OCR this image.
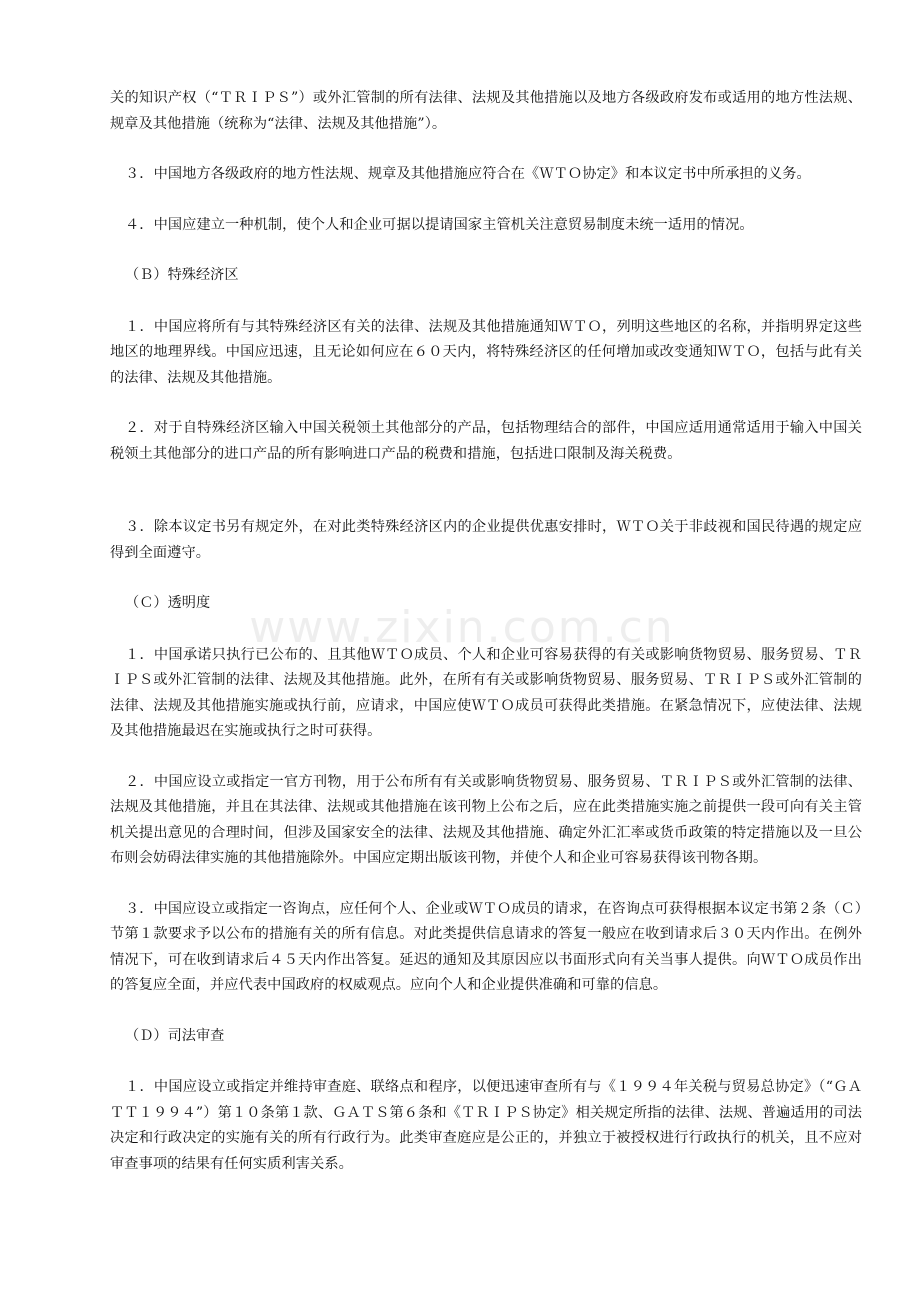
www.zixin.com.cn

关的知识产权（“ＴＲＩＰＳ”）或外汇管制的所有法律、法规及其他措施以及地方各级政府发布或适用的地方性法规、规章及其他措施（统称为“法律、法规及其他措施”）。

３．中国地方各级政府的地方性法规、规章及其他措施应符合在《ＷＴＯ协定》和本议定书中所承担的义务。

４．中国应建立一种机制，使个人和企业可据以提请国家主管机关注意贸易制度未统一适用的情况。

（Ｂ）特殊经济区

１．中国应将所有与其特殊经济区有关的法律、法规及其他措施通知ＷＴＯ，列明这些地区的名称，并指明界定这些地区的地理界线。中国应迅速，且无论如何应在６０天内，将特殊经济区的任何增加或改变通知ＷＴＯ，包括与此有关的法律、法规及其他措施。

２．对于自特殊经济区输入中国关税领土其他部分的产品，包括物理结合的部件，中国应适用通常适用于输入中国关税领土其他部分的进口产品的所有影响进口产品的税费和措施，包括进口限制及海关税费。

３．除本议定书另有规定外，在对此类特殊经济区内的企业提供优惠安排时，ＷＴＯ关于非歧视和国民待遇的规定应得到全面遵守。

（Ｃ）透明度

１．中国承诺只执行已公布的、且其他ＷＴＯ成员、个人和企业可容易获得的有关或影响货物贸易、服务贸易、ＴＲＩＰＳ或外汇管制的法律、法规及其他措施。此外，在所有有关或影响货物贸易、服务贸易、ＴＲＩＰＳ或外汇管制的法律、法规及其他措施实施或执行前，应请求，中国应使ＷＴＯ成员可获得此类措施。在紧急情况下，应使法律、法规及其他措施最迟在实施或执行之时可获得。

２．中国应设立或指定一官方刊物，用于公布所有有关或影响货物贸易、服务贸易、ＴＲＩＰＳ或外汇管制的法律、法规及其他措施，并且在其法律、法规或其他措施在该刊物上公布之后，应在此类措施实施之前提供一段可向有关主管机关提出意见的合理时间，但涉及国家安全的法律、法规及其他措施、确定外汇汇率或货币政策的特定措施以及一旦公布则会妨碍法律实施的其他措施除外。中国应定期出版该刊物，并使个人和企业可容易获得该刊物各期。

３．中国应设立或指定一咨询点，应任何个人、企业或ＷＴＯ成员的请求，在咨询点可获得根据本议定书第２条（Ｃ）节第１款要求予以公布的措施有关的所有信息。对此类提供信息请求的答复一般应在收到请求后３０天内作出。在例外情况下，可在收到请求后４５天内作出答复。延迟的通知及其原因应以书面形式向有关当事人提供。向ＷＴＯ成员作出的答复应全面，并应代表中国政府的权威观点。应向个人和企业提供准确和可靠的信息。

（Ｄ）司法审查

１．中国应设立或指定并维持审查庭、联络点和程序，以便迅速审查所有与《１９９４年关税与贸易总协定》（“ＧＡＴＴ１９９４”）第１０条第１款、ＧＡＴＳ第６条和《ＴＲＩＰＳ协定》相关规定所指的法律、法规、普遍适用的司法决定和行政决定的实施有关的所有行政行为。此类审查庭应是公正的，并独立于被授权进行行政执行的机关，且不应对审查事项的结果有任何实质利害关系。
